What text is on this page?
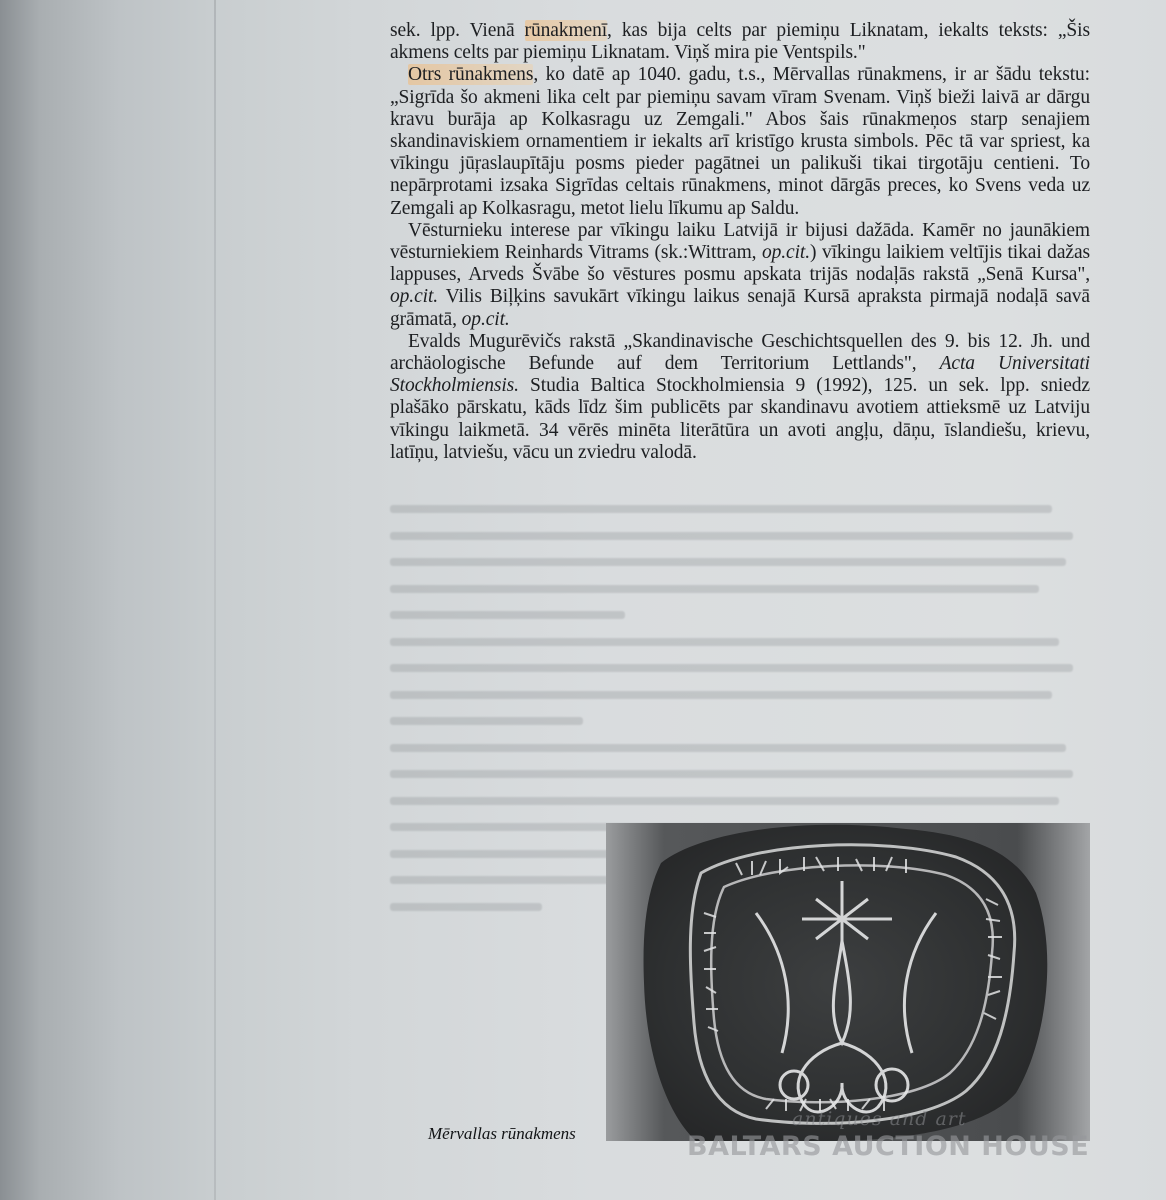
sek. lpp. Vienā rūnakmenī, kas bija celts par piemiņu Liknatam, iekalts teksts: „Šis akmens celts par piemiņu Liknatam. Viņš mira pie Ventspils."

Otrs rūnakmens, ko datē ap 1040. gadu, t.s., Mērvallas rūnakmens, ir ar šādu tekstu: „Sigrīda šo akmeni lika celt par piemiņu savam vīram Svenam. Viņš bieži laivā ar dārgu kravu burāja ap Kolkasragu uz Zemgali." Abos šais rūnakmeņos starp senajiem skandinaviskiem ornamentiem ir iekalts arī kristīgo krusta simbols. Pēc tā var spriest, ka vīkingu jūŗaslaupītāju posms pieder pagātnei un palikuši tikai tirgotāju centieni. To nepārprotami izsaka Sigrīdas celtais rūnakmens, minot dārgās preces, ko Svens veda uz Zemgali ap Kolkasragu, metot lielu līkumu ap Saldu.

Vēsturnieku interese par vīkingu laiku Latvijā ir bijusi dažāda. Kamēr no jaunākiem vēsturniekiem Reinhards Vitrams (sk.:Wittram, op.cit.) vīkingu laikiem veltījis tikai dažas lappuses, Arveds Švābe šo vēstures posmu apskata trijās nodaļās rakstā „Senā Kursa", op.cit. Vilis Biļķins savukārt vīkingu laikus senajā Kursā apraksta pirmajā nodaļā savā grāmatā, op.cit.

Evalds Mugurēvičs rakstā „Skandinavische Geschichtsquellen des 9. bis 12. Jh. und archäologische Befunde auf dem Territorium Lettlands", Acta Universitati Stockholmiensis. Studia Baltica Stockholmiensia 9 (1992), 125. un sek. lpp. sniedz plašāko pārskatu, kāds līdz šim publicēts par skandinavu avotiem attieksmē uz Latviju vīkingu laikmetā. 34 vērēs minēta literātūra un avoti angļu, dāņu, īslandiešu, krievu, latīņu, latviešu, vācu un zviedru valodā.

Mērvallas rūnakmens
antiques and art
BALTARS AUCTION HOUSE
